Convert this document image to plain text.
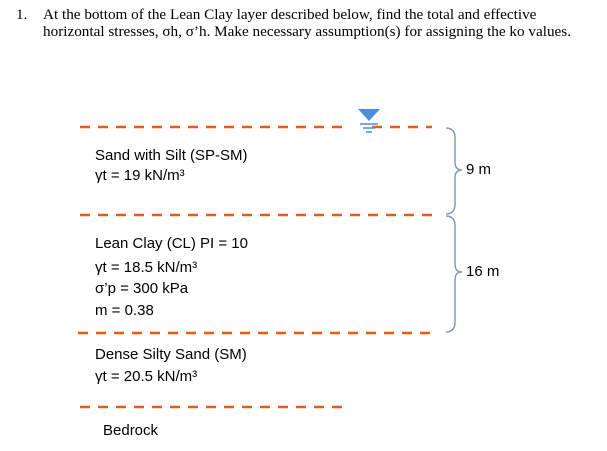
1. At the bottom of the Lean Clay layer described below, find the total and effective
horizontal stresses, σh, σ’h. Make necessary assumption(s) for assigning the ko values.
Sand with Silt (SP-SM)
γt = 19 kN/m³
Lean Clay (CL) PI = 10
γt = 18.5 kN/m³
σ’p = 300 kPa
m = 0.38
Dense Silty Sand (SM)
γt = 20.5 kN/m³
Bedrock
9 m
16 m
